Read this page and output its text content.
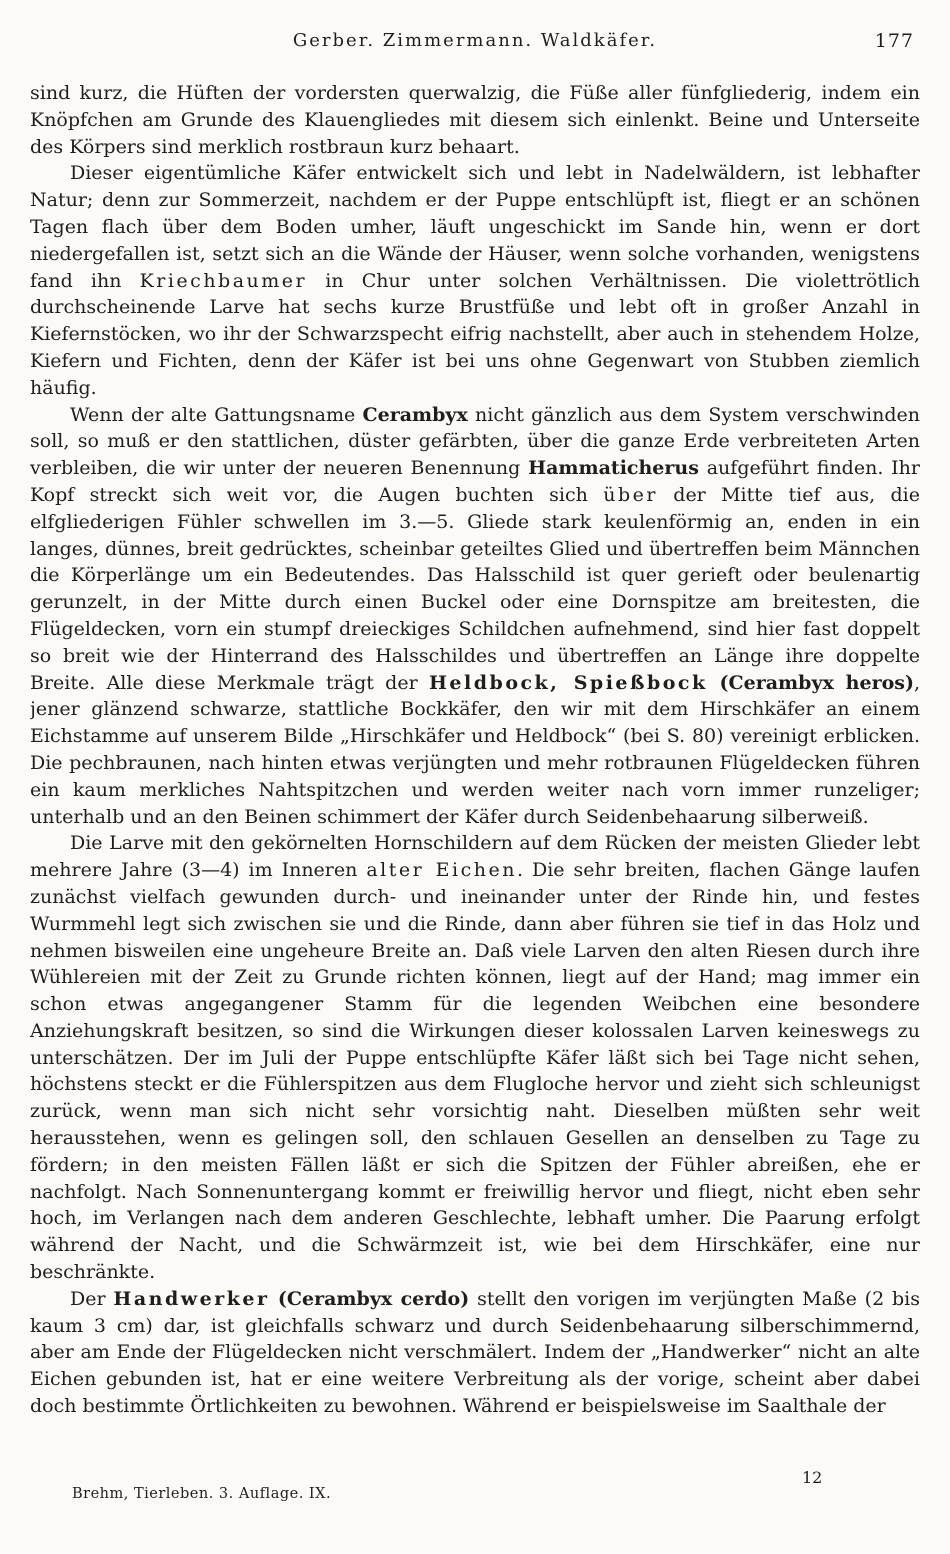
Gerber. Zimmermann. Waldkäfer.	177

sind kurz, die Hüften der vordersten querwalzig, die Füße aller fünfgliederig, indem ein Knöpfchen am Grunde des Klauengliedes mit diesem sich einlenkt. Beine und Unterseite des Körpers sind merklich rostbraun kurz behaart.

Dieser eigentümliche Käfer entwickelt sich und lebt in Nadelwäldern, ist lebhafter Natur; denn zur Sommerzeit, nachdem er der Puppe entschlüpft ist, fliegt er an schönen Tagen flach über dem Boden umher, läuft ungeschickt im Sande hin, wenn er dort niedergefallen ist, setzt sich an die Wände der Häuser, wenn solche vorhanden, wenigstens fand ihn Kriechbaumer in Chur unter solchen Verhältnissen. Die violettrötlich durchscheinende Larve hat sechs kurze Brustfüße und lebt oft in großer Anzahl in Kiefernstöcken, wo ihr der Schwarzspecht eifrig nachstellt, aber auch in stehendem Holze, Kiefern und Fichten, denn der Käfer ist bei uns ohne Gegenwart von Stubben ziemlich häufig.

Wenn der alte Gattungsname Cerambyx nicht gänzlich aus dem System verschwinden soll, so muß er den stattlichen, düster gefärbten, über die ganze Erde verbreiteten Arten verbleiben, die wir unter der neueren Benennung Hammaticherus aufgeführt finden. Ihr Kopf streckt sich weit vor, die Augen buchten sich über der Mitte tief aus, die elfgliederigen Fühler schwellen im 3.—5. Gliede stark keulenförmig an, enden in ein langes, dünnes, breit gedrücktes, scheinbar geteiltes Glied und übertreffen beim Männchen die Körperlänge um ein Bedeutendes. Das Halsschild ist quer gerieft oder beulenartig gerunzelt, in der Mitte durch einen Buckel oder eine Dornspitze am breitesten, die Flügeldecken, vorn ein stumpf dreieckiges Schildchen aufnehmend, sind hier fast doppelt so breit wie der Hinterrand des Halsschildes und übertreffen an Länge ihre doppelte Breite. Alle diese Merkmale trägt der Heldbock, Spießbock (Cerambyx heros), jener glänzend schwarze, stattliche Bockkäfer, den wir mit dem Hirschkäfer an einem Eichstamme auf unserem Bilde „Hirschkäfer und Heldbock“ (bei S. 80) vereinigt erblicken. Die pechbraunen, nach hinten etwas verjüngten und mehr rotbraunen Flügeldecken führen ein kaum merkliches Nahtspitzchen und werden weiter nach vorn immer runzeliger; unterhalb und an den Beinen schimmert der Käfer durch Seidenbehaarung silberweiß.

Die Larve mit den gekörnelten Hornschildern auf dem Rücken der meisten Glieder lebt mehrere Jahre (3—4) im Inneren alter Eichen. Die sehr breiten, flachen Gänge laufen zunächst vielfach gewunden durch- und ineinander unter der Rinde hin, und festes Wurmmehl legt sich zwischen sie und die Rinde, dann aber führen sie tief in das Holz und nehmen bisweilen eine ungeheure Breite an. Daß viele Larven den alten Riesen durch ihre Wühlereien mit der Zeit zu Grunde richten können, liegt auf der Hand; mag immer ein schon etwas angegangener Stamm für die legenden Weibchen eine besondere Anziehungskraft besitzen, so sind die Wirkungen dieser kolossalen Larven keineswegs zu unterschätzen. Der im Juli der Puppe entschlüpfte Käfer läßt sich bei Tage nicht sehen, höchstens steckt er die Fühlerspitzen aus dem Flugloche hervor und zieht sich schleunigst zurück, wenn man sich nicht sehr vorsichtig naht. Dieselben müßten sehr weit herausstehen, wenn es gelingen soll, den schlauen Gesellen an denselben zu Tage zu fördern; in den meisten Fällen läßt er sich die Spitzen der Fühler abreißen, ehe er nachfolgt. Nach Sonnenuntergang kommt er freiwillig hervor und fliegt, nicht eben sehr hoch, im Verlangen nach dem anderen Geschlechte, lebhaft umher. Die Paarung erfolgt während der Nacht, und die Schwärmzeit ist, wie bei dem Hirschkäfer, eine nur beschränkte.

Der Handwerker (Cerambyx cerdo) stellt den vorigen im verjüngten Maße (2 bis kaum 3 cm) dar, ist gleichfalls schwarz und durch Seidenbehaarung silberschimmernd, aber am Ende der Flügeldecken nicht verschmälert. Indem der „Handwerker“ nicht an alte Eichen gebunden ist, hat er eine weitere Verbreitung als der vorige, scheint aber dabei doch bestimmte Örtlichkeiten zu bewohnen. Während er beispielsweise im Saalthale der

Brehm, Tierleben. 3. Auflage. IX.
12
